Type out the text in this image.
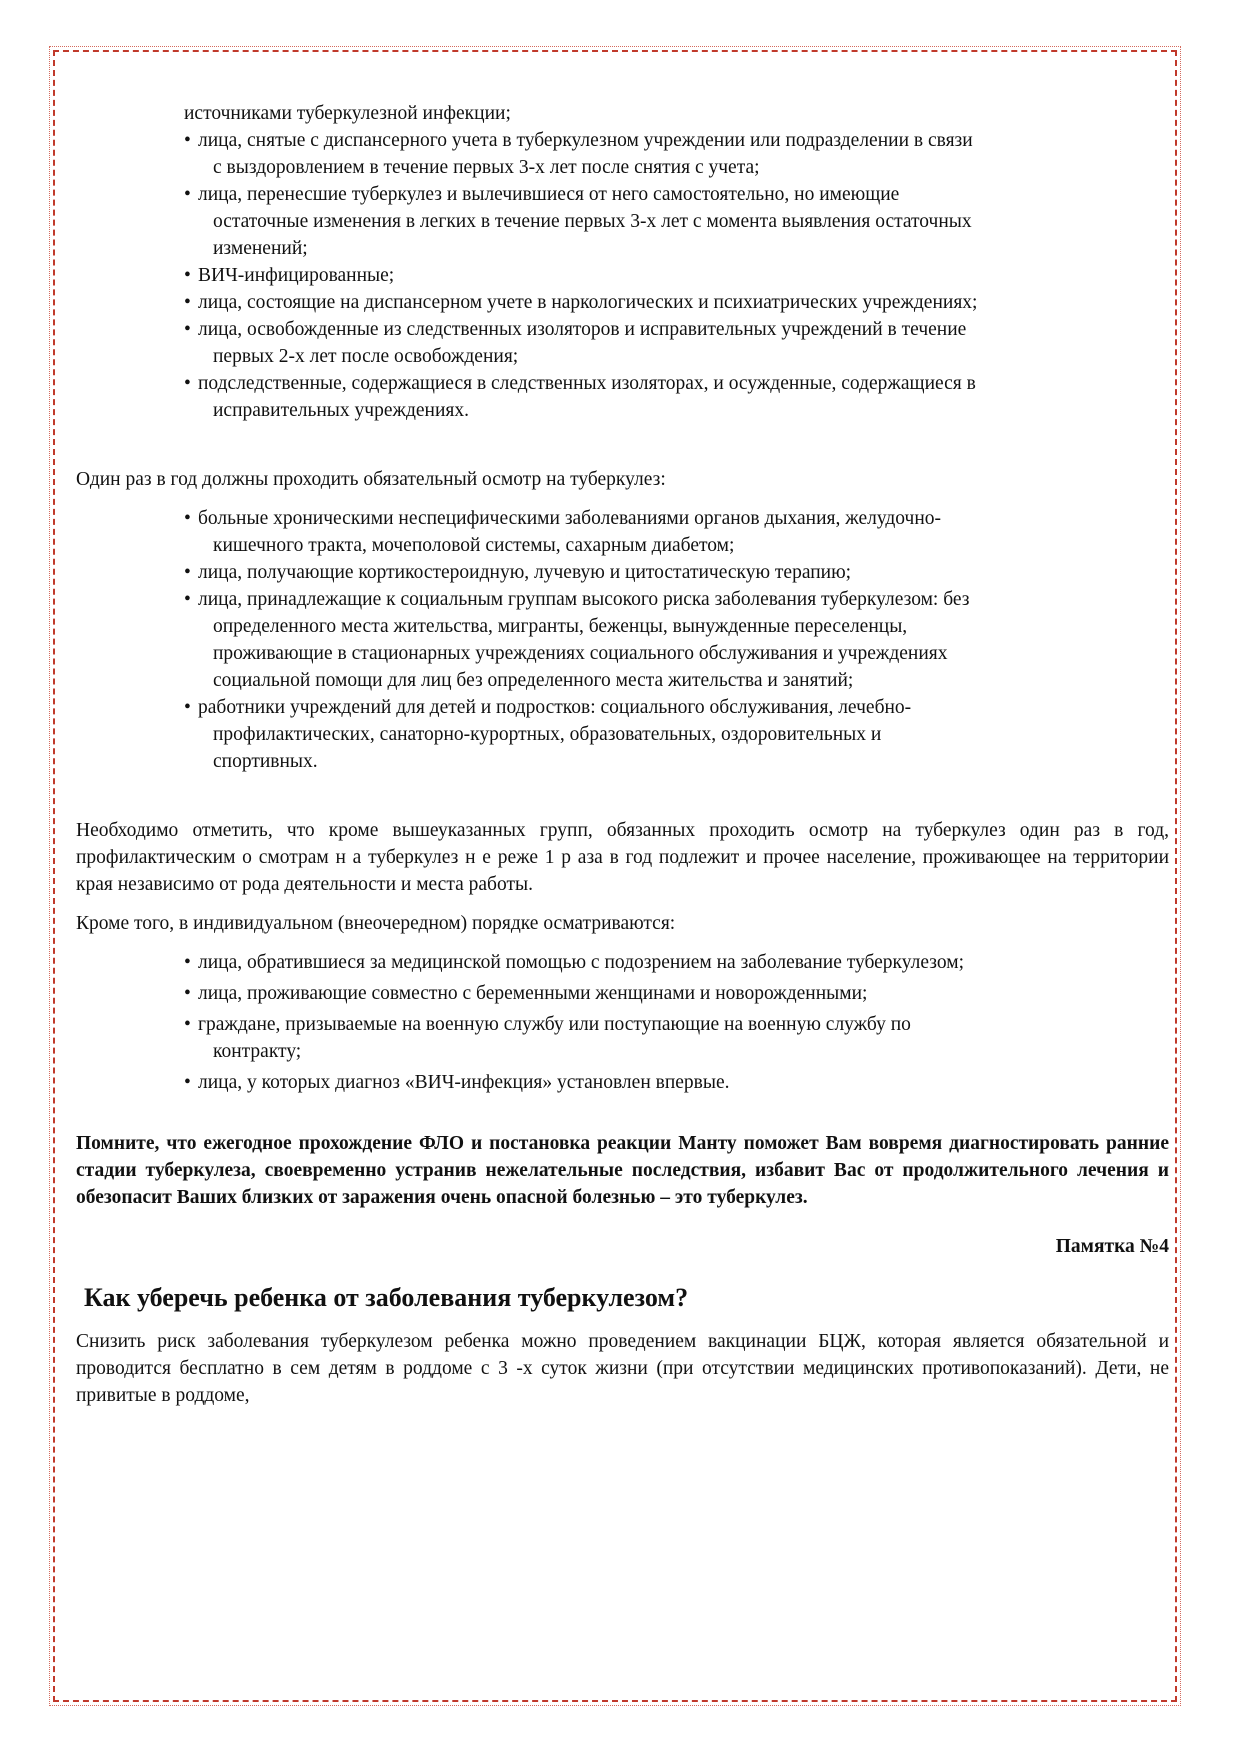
источниками туберкулезной инфекции;
• лица, снятые с диспансерного учета в туберкулезном учреждении или подразделении в связи
с выздоровлением в течение первых 3-х лет после снятия с учета;
• лица, перенесшие туберкулез и вылечившиеся от него самостоятельно, но имеющие
остаточные изменения в легких в течение первых 3-х лет с момента выявления остаточных
изменений;
• ВИЧ-инфицированные;
• лица, состоящие на диспансерном учете в наркологических и психиатрических учреждениях;
• лица, освобожденные из следственных изоляторов и исправительных учреждений в течение
первых 2-х лет после освобождения;
• подследственные, содержащиеся в следственных изоляторах, и осужденные, содержащиеся в
исправительных учреждениях.

Один раз в год должны проходить обязательный осмотр на туберкулез:

• больные хроническими неспецифическими заболеваниями органов дыхания, желудочно-
кишечного тракта, мочеполовой системы, сахарным диабетом;
• лица, получающие кортикостероидную, лучевую и цитостатическую терапию;
• лица, принадлежащие к социальным группам высокого риска заболевания туберкулезом: без
определенного места жительства, мигранты, беженцы, вынужденные переселенцы,
проживающие в стационарных учреждениях социального обслуживания и учреждениях
социальной помощи для лиц без определенного места жительства и занятий;
• работники учреждений для детей и подростков: социального обслуживания, лечебно-
профилактических, санаторно-курортных, образовательных, оздоровительных и
спортивных.

Необходимо отметить, что кроме вышеуказанных групп, обязанных проходить осмотр на туберкулез один раз в год, профилактическим о смотрам н а туберкулез н е реже 1 р аза в год подлежит и прочее население, проживающее на территории края независимо от рода деятельности и места работы.

Кроме того, в индивидуальном (внеочередном) порядке осматриваются:

• лица, обратившиеся за медицинской помощью с подозрением на заболевание туберкулезом;
• лица, проживающие совместно с беременными женщинами и новорожденными;
• граждане, призываемые на военную службу или поступающие на военную службу по
контракту;
• лица, у которых диагноз «ВИЧ-инфекция» установлен впервые.

Помните, что ежегодное прохождение ФЛО и постановка реакции Манту поможет Вам вовремя диагностировать ранние стадии туберкулеза, своевременно устранив нежелательные последствия, избавит Вас от продолжительного лечения и обезопасит Ваших близких от заражения очень опасной болезнью – это туберкулез.

Памятка №4
Как уберечь ребенка от заболевания туберкулезом?

Снизить риск заболевания туберкулезом ребенка можно проведением вакцинации БЦЖ, которая является обязательной и проводится бесплатно в сем детям в роддоме с 3 -х суток жизни (при отсутствии медицинских противопоказаний). Дети, не привитые в роддоме,
